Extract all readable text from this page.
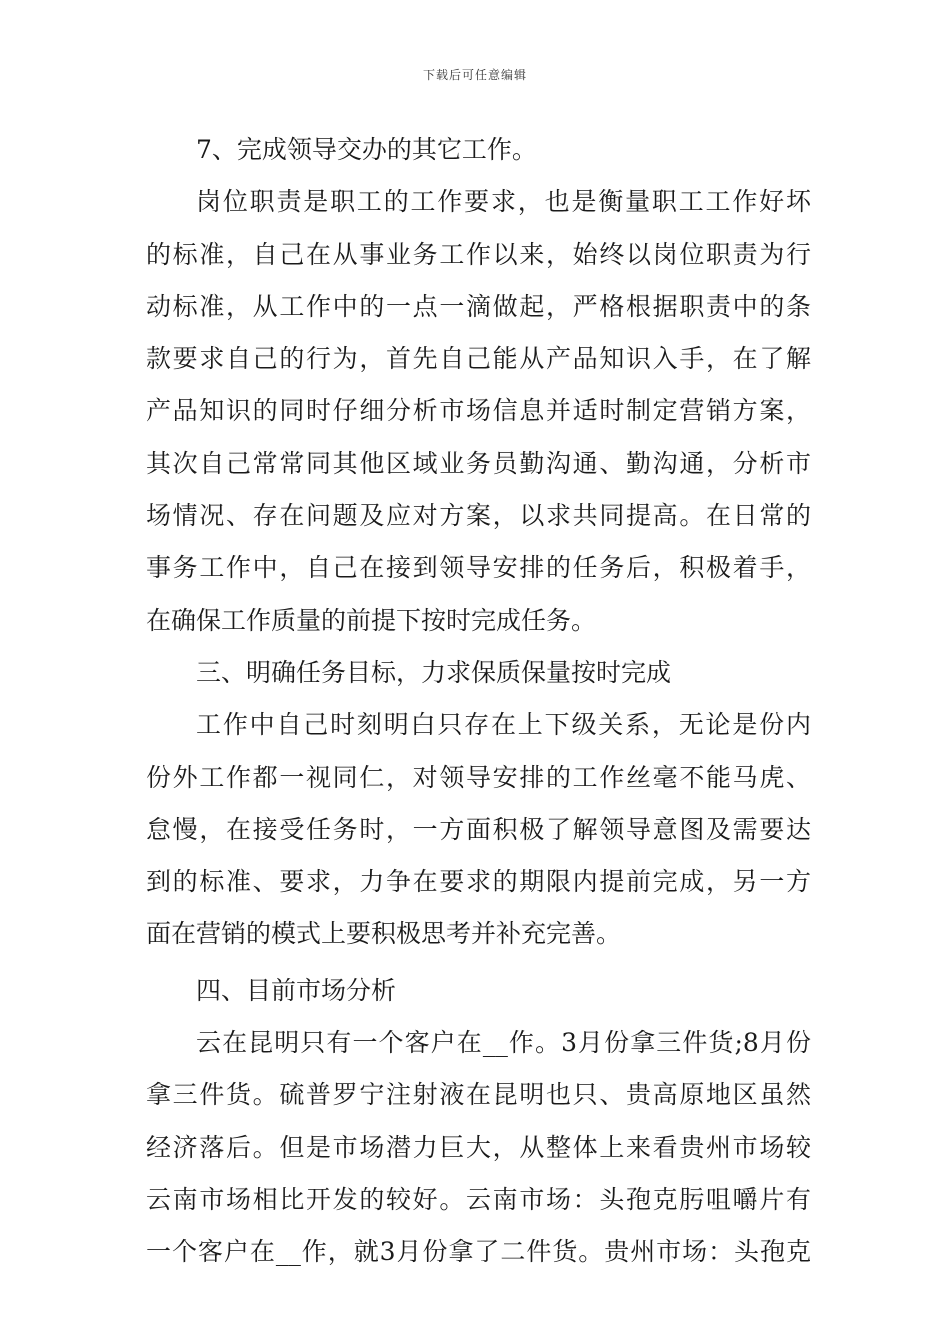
下载后可任意编辑
7、完成领导交办的其它工作。
岗位职责是职工的工作要求，也是衡量职工工作好坏
的标准，自己在从事业务工作以来，始终以岗位职责为行
动标准，从工作中的一点一滴做起，严格根据职责中的条
款要求自己的行为，首先自己能从产品知识入手，在了解
产品知识的同时仔细分析市场信息并适时制定营销方案，
其次自己常常同其他区域业务员勤沟通、勤沟通，分析市
场情况、存在问题及应对方案，以求共同提高。在日常的
事务工作中，自己在接到领导安排的任务后，积极着手，
在确保工作质量的前提下按时完成任务。
三、明确任务目标，力求保质保量按时完成
工作中自己时刻明白只存在上下级关系，无论是份内
份外工作都一视同仁，对领导安排的工作丝毫不能马虎、
怠慢，在接受任务时，一方面积极了解领导意图及需要达
到的标准、要求，力争在要求的期限内提前完成，另一方
面在营销的模式上要积极思考并补充完善。
四、目前市场分析
云在昆明只有一个客户在__作。3月份拿三件货;8月份
拿三件货。硫普罗宁注射液在昆明也只、贵高原地区虽然
经济落后。但是市场潜力巨大，从整体上来看贵州市场较
云南市场相比开发的较好。云南市场：头孢克肟咀嚼片有
一个客户在__作，就3月份拿了二件货。贵州市场：头孢克
